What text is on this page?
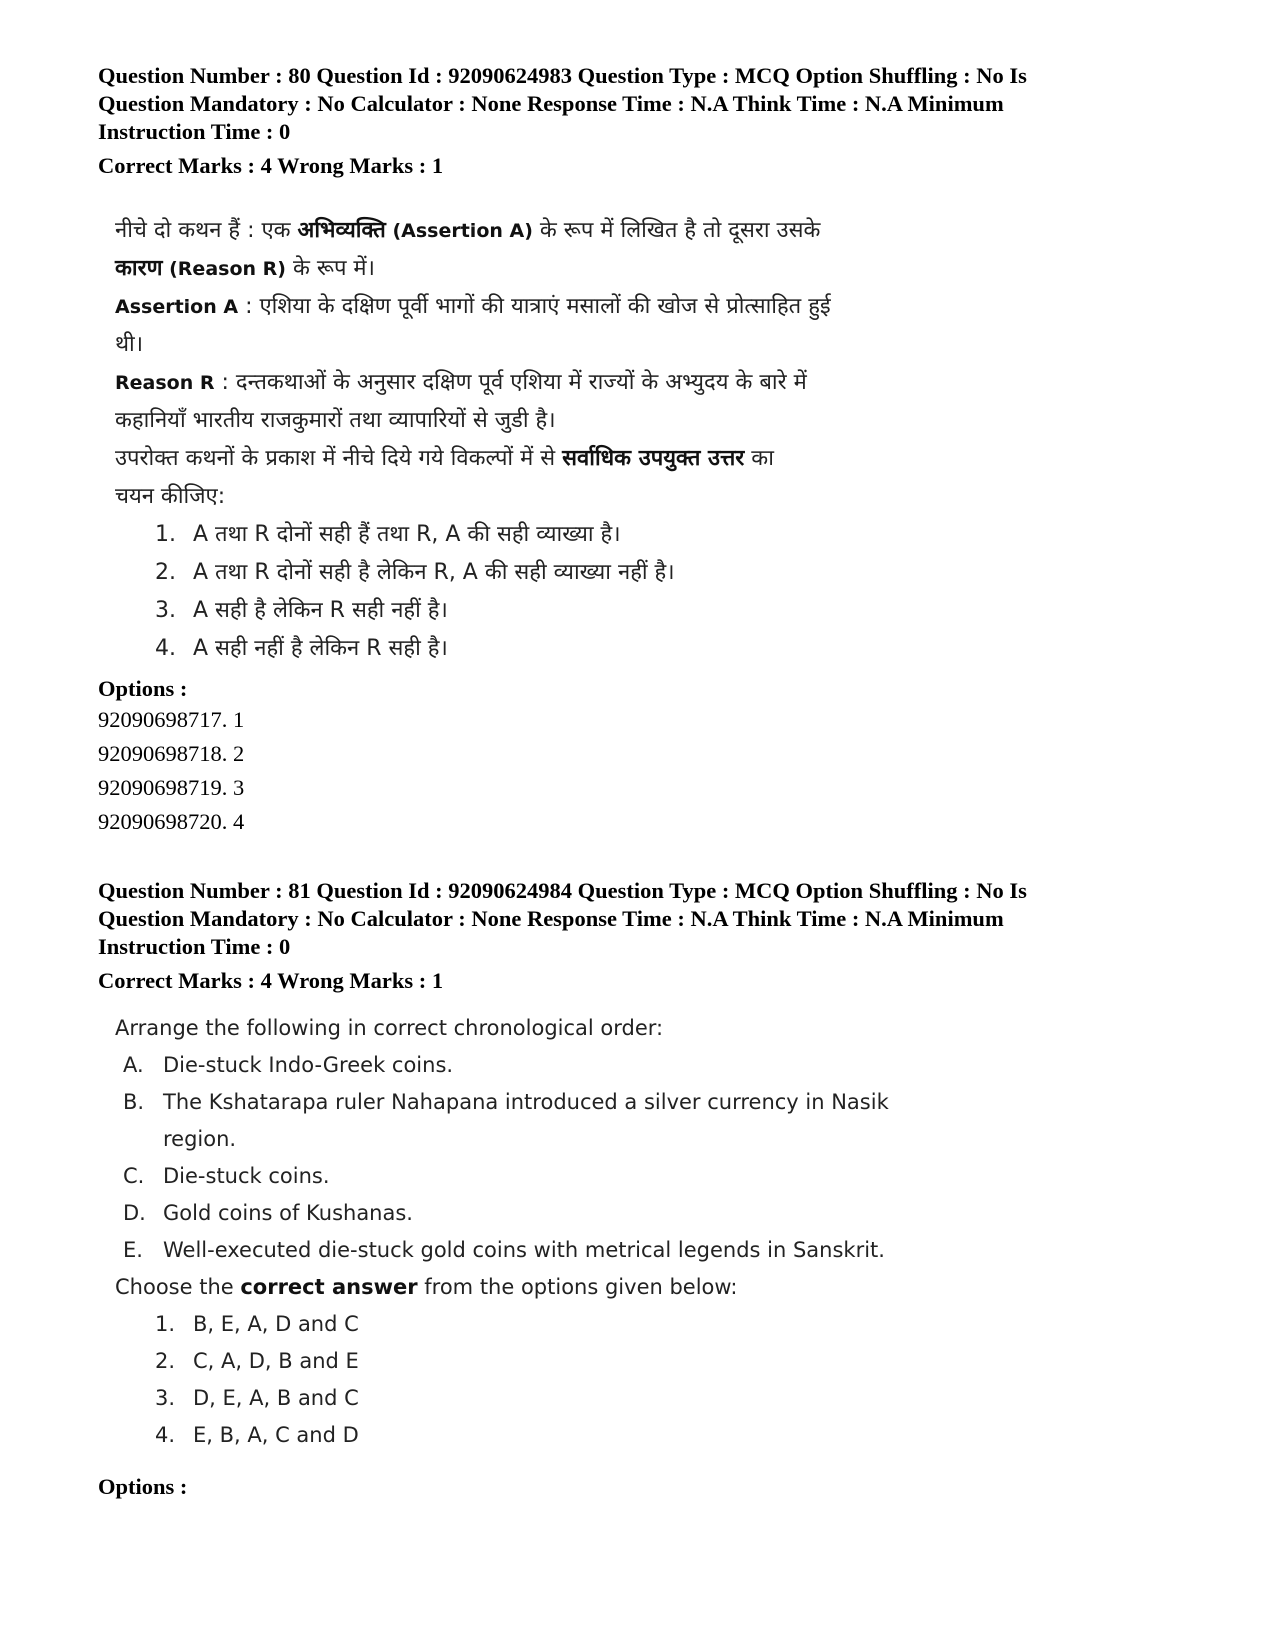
Question Number : 80 Question Id : 92090624983 Question Type : MCQ Option Shuffling : No Is
Question Mandatory : No Calculator : None Response Time : N.A Think Time : N.A Minimum
Instruction Time : 0
Correct Marks : 4 Wrong Marks : 1
नीचे दो कथन हैं : एक अभिव्यक्ति (Assertion A) के रूप में लिखित है तो दूसरा उसके
कारण (Reason R) के रूप में।
Assertion A : एशिया के दक्षिण पूर्वी भागों की यात्राएं मसालों की खोज से प्रोत्साहित हुई
थी।
Reason R : दन्तकथाओं के अनुसार दक्षिण पूर्व एशिया में राज्यों के अभ्युदय के बारे में
कहानियाँ भारतीय राजकुमारों तथा व्यापारियों से जुडी है।
उपरोक्त कथनों के प्रकाश में नीचे दिये गये विकल्पों में से सर्वाधिक उपयुक्त उत्तर का
चयन कीजिए:
1. A तथा R दोनों सही हैं तथा R, A की सही व्याख्या है।
2. A तथा R दोनों सही है लेकिन R, A की सही व्याख्या नहीं है।
3. A सही है लेकिन R सही नहीं है।
4. A सही नहीं है लेकिन R सही है।
Options :
92090698717. 1
92090698718. 2
92090698719. 3
92090698720. 4
Question Number : 81 Question Id : 92090624984 Question Type : MCQ Option Shuffling : No Is
Question Mandatory : No Calculator : None Response Time : N.A Think Time : N.A Minimum
Instruction Time : 0
Correct Marks : 4 Wrong Marks : 1
Arrange the following in correct chronological order:
A. Die-stuck Indo-Greek coins.
B. The Kshatarapa ruler Nahapana introduced a silver currency in Nasik
region.
C. Die-stuck coins.
D. Gold coins of Kushanas.
E. Well-executed die-stuck gold coins with metrical legends in Sanskrit.
Choose the correct answer from the options given below:
1. B, E, A, D and C
2. C, A, D, B and E
3. D, E, A, B and C
4. E, B, A, C and D
Options :
